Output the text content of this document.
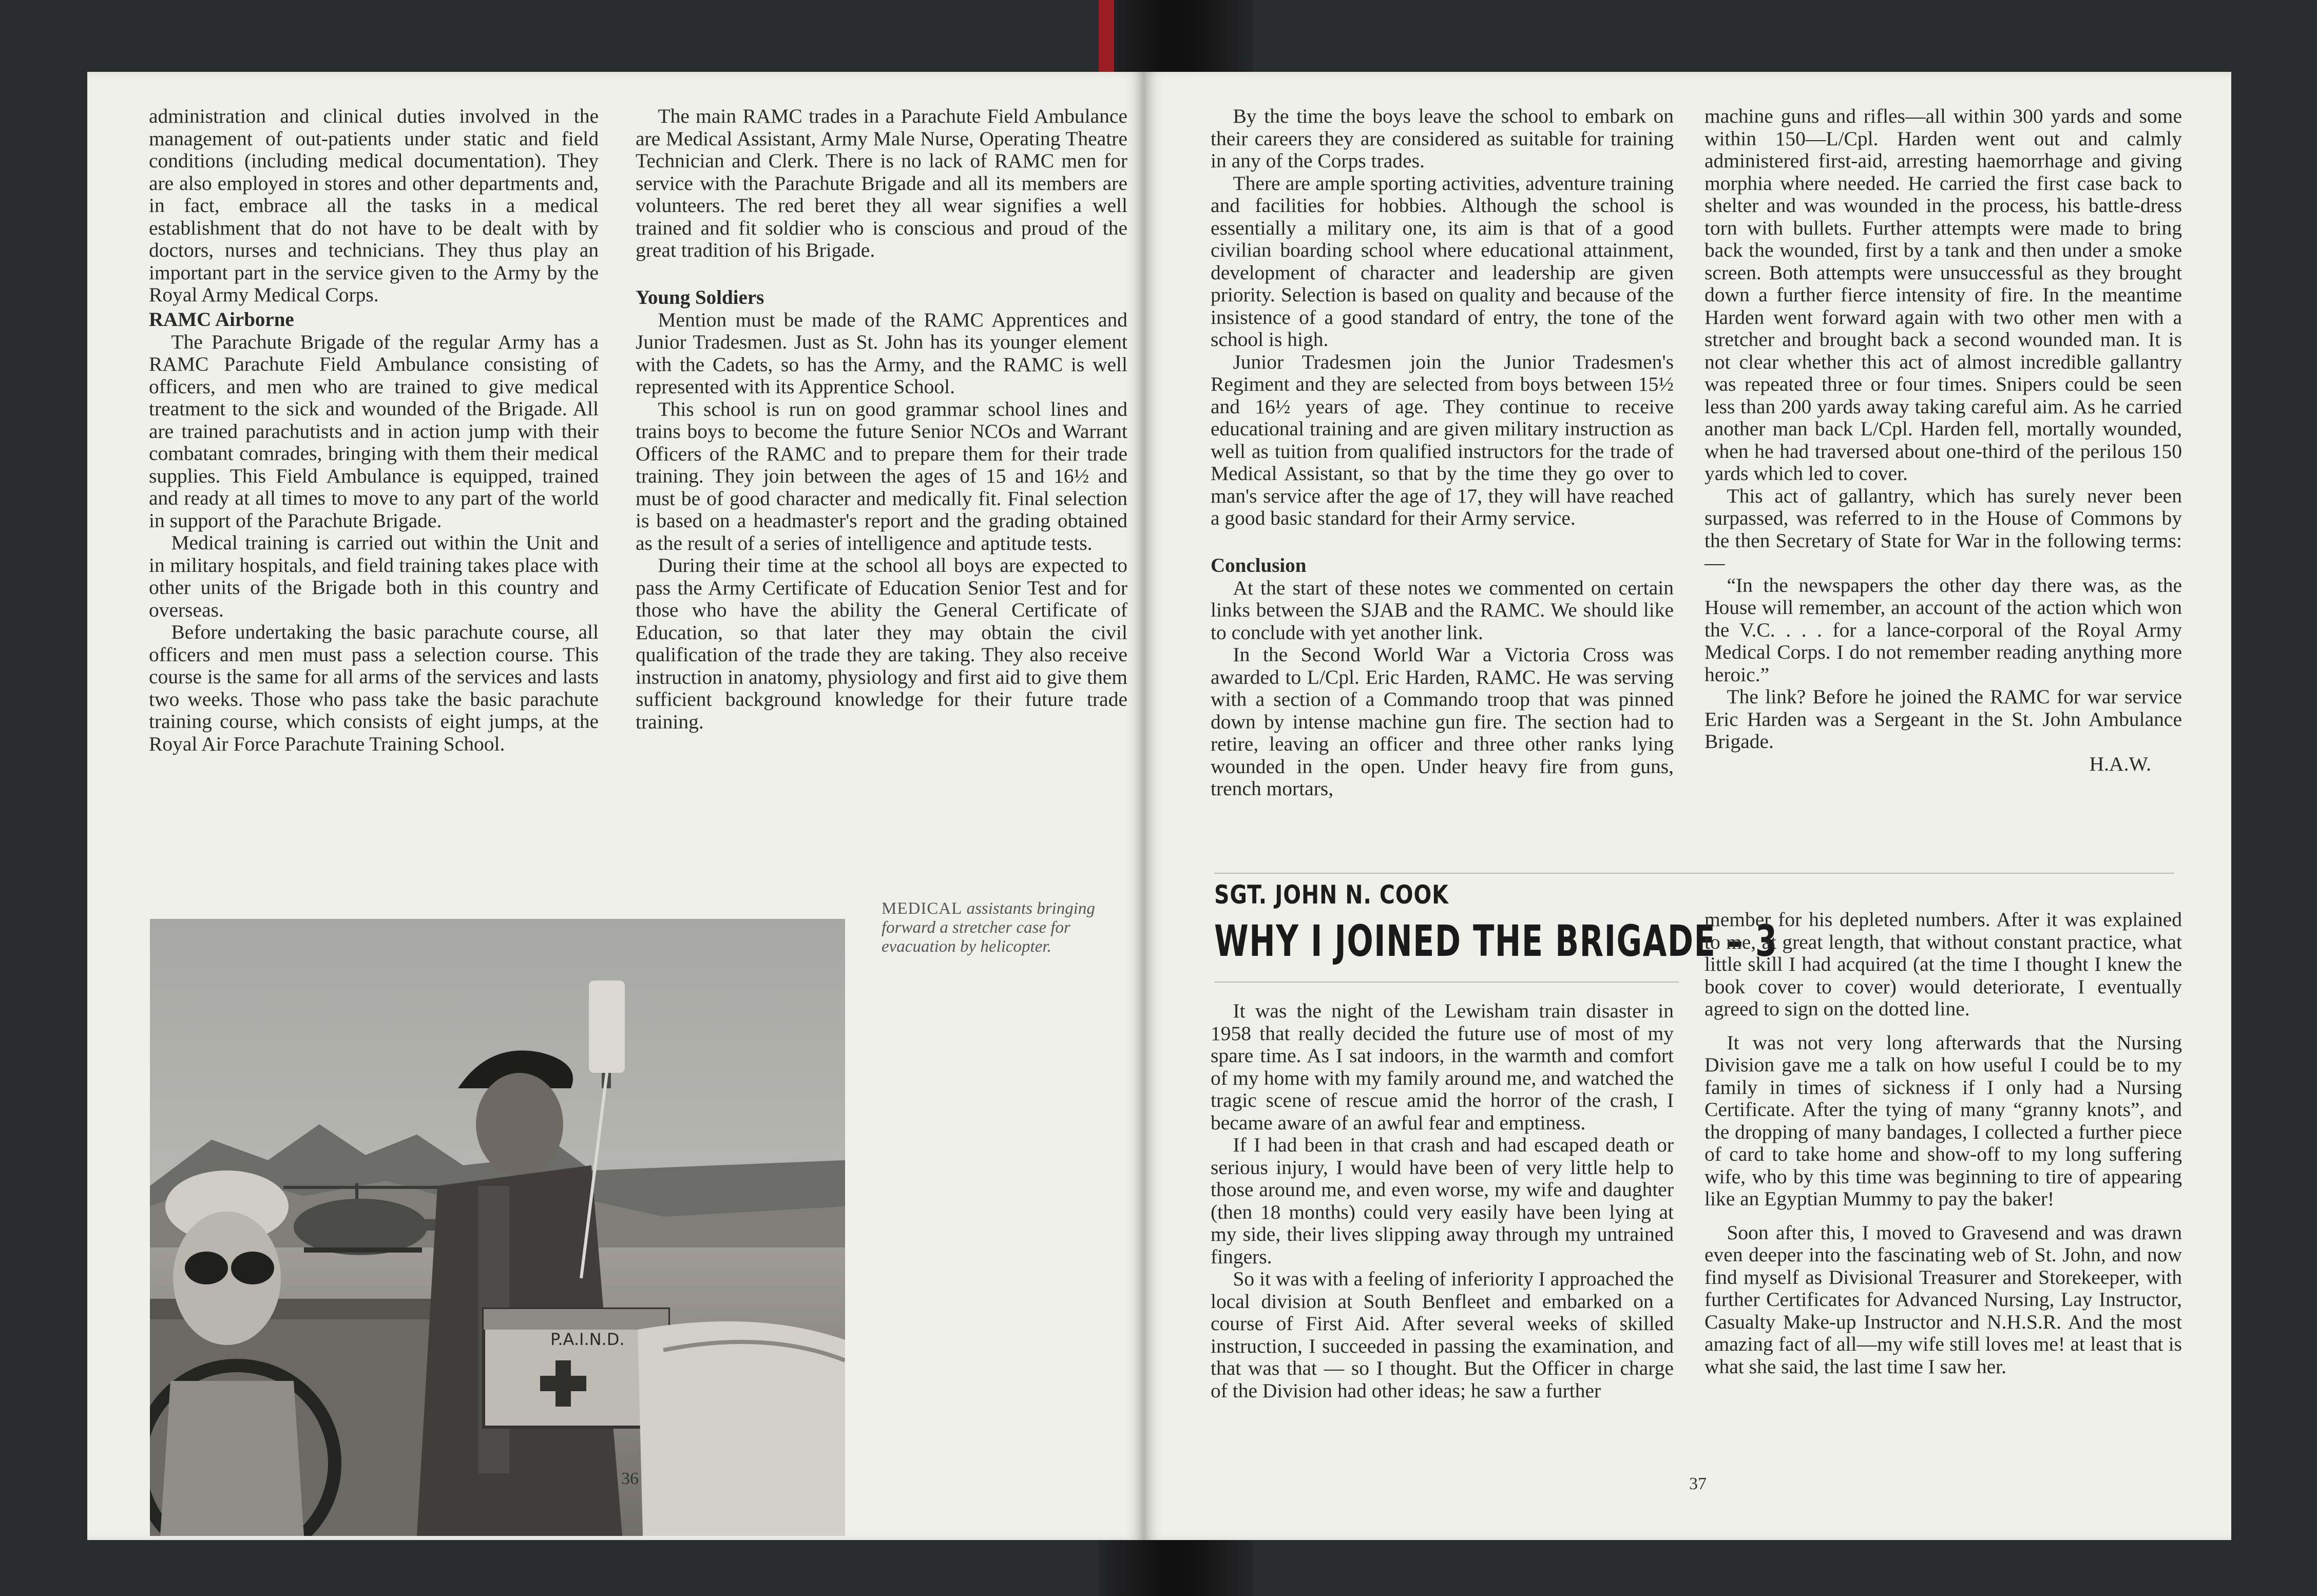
administration and clinical duties involved in the management of out-patients under static and field conditions (including medical documentation). They are also employed in stores and other departments and, in fact, embrace all the tasks in a medical establishment that do not have to be dealt with by doctors, nurses and technicians. They thus play an important part in the service given to the Army by the Royal Army Medical Corps.

RAMC Airborne

The Parachute Brigade of the regular Army has a RAMC Parachute Field Ambulance consisting of officers, and men who are trained to give medical treatment to the sick and wounded of the Brigade. All are trained parachutists and in action jump with their combatant comrades, bringing with them their medical supplies. This Field Ambulance is equipped, trained and ready at all times to move to any part of the world in support of the Parachute Brigade.

Medical training is carried out within the Unit and in military hospitals, and field training takes place with other units of the Brigade both in this country and overseas.

Before undertaking the basic parachute course, all officers and men must pass a selection course. This course is the same for all arms of the services and lasts two weeks. Those who pass take the basic parachute training course, which consists of eight jumps, at the Royal Air Force Parachute Training School.

The main RAMC trades in a Parachute Field Ambulance are Medical Assistant, Army Male Nurse, Operating Theatre Technician and Clerk. There is no lack of RAMC men for service with the Parachute Brigade and all its members are volunteers. The red beret they all wear signifies a well trained and fit soldier who is conscious and proud of the great tradition of his Brigade.

Young Soldiers

Mention must be made of the RAMC Apprentices and Junior Tradesmen. Just as St. John has its younger element with the Cadets, so has the Army, and the RAMC is well represented with its Apprentice School.

This school is run on good grammar school lines and trains boys to become the future Senior NCOs and Warrant Officers of the RAMC and to prepare them for their trade training. They join between the ages of 15 and 16½ and must be of good character and medically fit. Final selection is based on a headmaster's report and the grading obtained as the result of a series of intelligence and aptitude tests.

During their time at the school all boys are expected to pass the Army Certificate of Education Senior Test and for those who have the ability the General Certificate of Education, so that later they may obtain the civil qualification of the trade they are taking. They also receive instruction in anatomy, physiology and first aid to give them sufficient background knowledge for their future trade training.

P.A.I.N.D.
MEDICAL assistants bringing forward a stretcher case for evacuation by helicopter.
36

By the time the boys leave the school to embark on their careers they are considered as suitable for training in any of the Corps trades.

There are ample sporting activities, adventure training and facilities for hobbies. Although the school is essentially a military one, its aim is that of a good civilian boarding school where educational attainment, development of character and leadership are given priority. Selection is based on quality and because of the insistence of a good standard of entry, the tone of the school is high.

Junior Tradesmen join the Junior Tradesmen's Regiment and they are selected from boys between 15½ and 16½ years of age. They continue to receive educational training and are given military instruction as well as tuition from qualified instructors for the trade of Medical Assistant, so that by the time they go over to man's service after the age of 17, they will have reached a good basic standard for their Army service.

Conclusion

At the start of these notes we commented on certain links between the SJAB and the RAMC. We should like to conclude with yet another link.

In the Second World War a Victoria Cross was awarded to L/Cpl. Eric Harden, RAMC. He was serving with a section of a Commando troop that was pinned down by intense machine gun fire. The section had to retire, leaving an officer and three other ranks lying wounded in the open. Under heavy fire from guns, trench mortars,

machine guns and rifles—all within 300 yards and some within 150—L/Cpl. Harden went out and calmly administered first-aid, arresting haemorrhage and giving morphia where needed. He carried the first case back to shelter and was wounded in the process, his battle-dress torn with bullets. Further attempts were made to bring back the wounded, first by a tank and then under a smoke screen. Both attempts were unsuccessful as they brought down a further fierce intensity of fire. In the meantime Harden went forward again with two other men with a stretcher and brought back a second wounded man. It is not clear whether this act of almost incredible gallantry was repeated three or four times. Snipers could be seen less than 200 yards away taking careful aim. As he carried another man back L/Cpl. Harden fell, mortally wounded, when he had traversed about one-third of the perilous 150 yards which led to cover.

This act of gallantry, which has surely never been surpassed, was referred to in the House of Commons by the then Secretary of State for War in the following terms:—

“In the newspapers the other day there was, as the House will remember, an account of the action which won the V.C. . . . for a lance-corporal of the Royal Army Medical Corps. I do not remember reading anything more heroic.”

The link? Before he joined the RAMC for war service Eric Harden was a Sergeant in the St. John Ambulance Brigade.

H.A.W.

SGT. JOHN N. COOK
WHY I JOINED THE BRIGADE – 3

It was the night of the Lewisham train disaster in 1958 that really decided the future use of most of my spare time. As I sat indoors, in the warmth and comfort of my home with my family around me, and watched the tragic scene of rescue amid the horror of the crash, I became aware of an awful fear and emptiness.

If I had been in that crash and had escaped death or serious injury, I would have been of very little help to those around me, and even worse, my wife and daughter (then 18 months) could very easily have been lying at my side, their lives slipping away through my untrained fingers.

So it was with a feeling of inferiority I approached the local division at South Benfleet and embarked on a course of First Aid. After several weeks of skilled instruction, I succeeded in passing the examination, and that was that — so I thought. But the Officer in charge of the Division had other ideas; he saw a further

member for his depleted numbers. After it was explained to me, at great length, that without constant practice, what little skill I had acquired (at the time I thought I knew the book cover to cover) would deteriorate, I eventually agreed to sign on the dotted line.

It was not very long afterwards that the Nursing Division gave me a talk on how useful I could be to my family in times of sickness if I only had a Nursing Certificate. After the tying of many “granny knots”, and the dropping of many bandages, I collected a further piece of card to take home and show-off to my long suffering wife, who by this time was beginning to tire of appearing like an Egyptian Mummy to pay the baker!

Soon after this, I moved to Gravesend and was drawn even deeper into the fascinating web of St. John, and now find myself as Divisional Treasurer and Storekeeper, with further Certificates for Advanced Nursing, Lay Instructor, Casualty Make-up Instructor and N.H.S.R. And the most amazing fact of all—my wife still loves me! at least that is what she said, the last time I saw her.

37
